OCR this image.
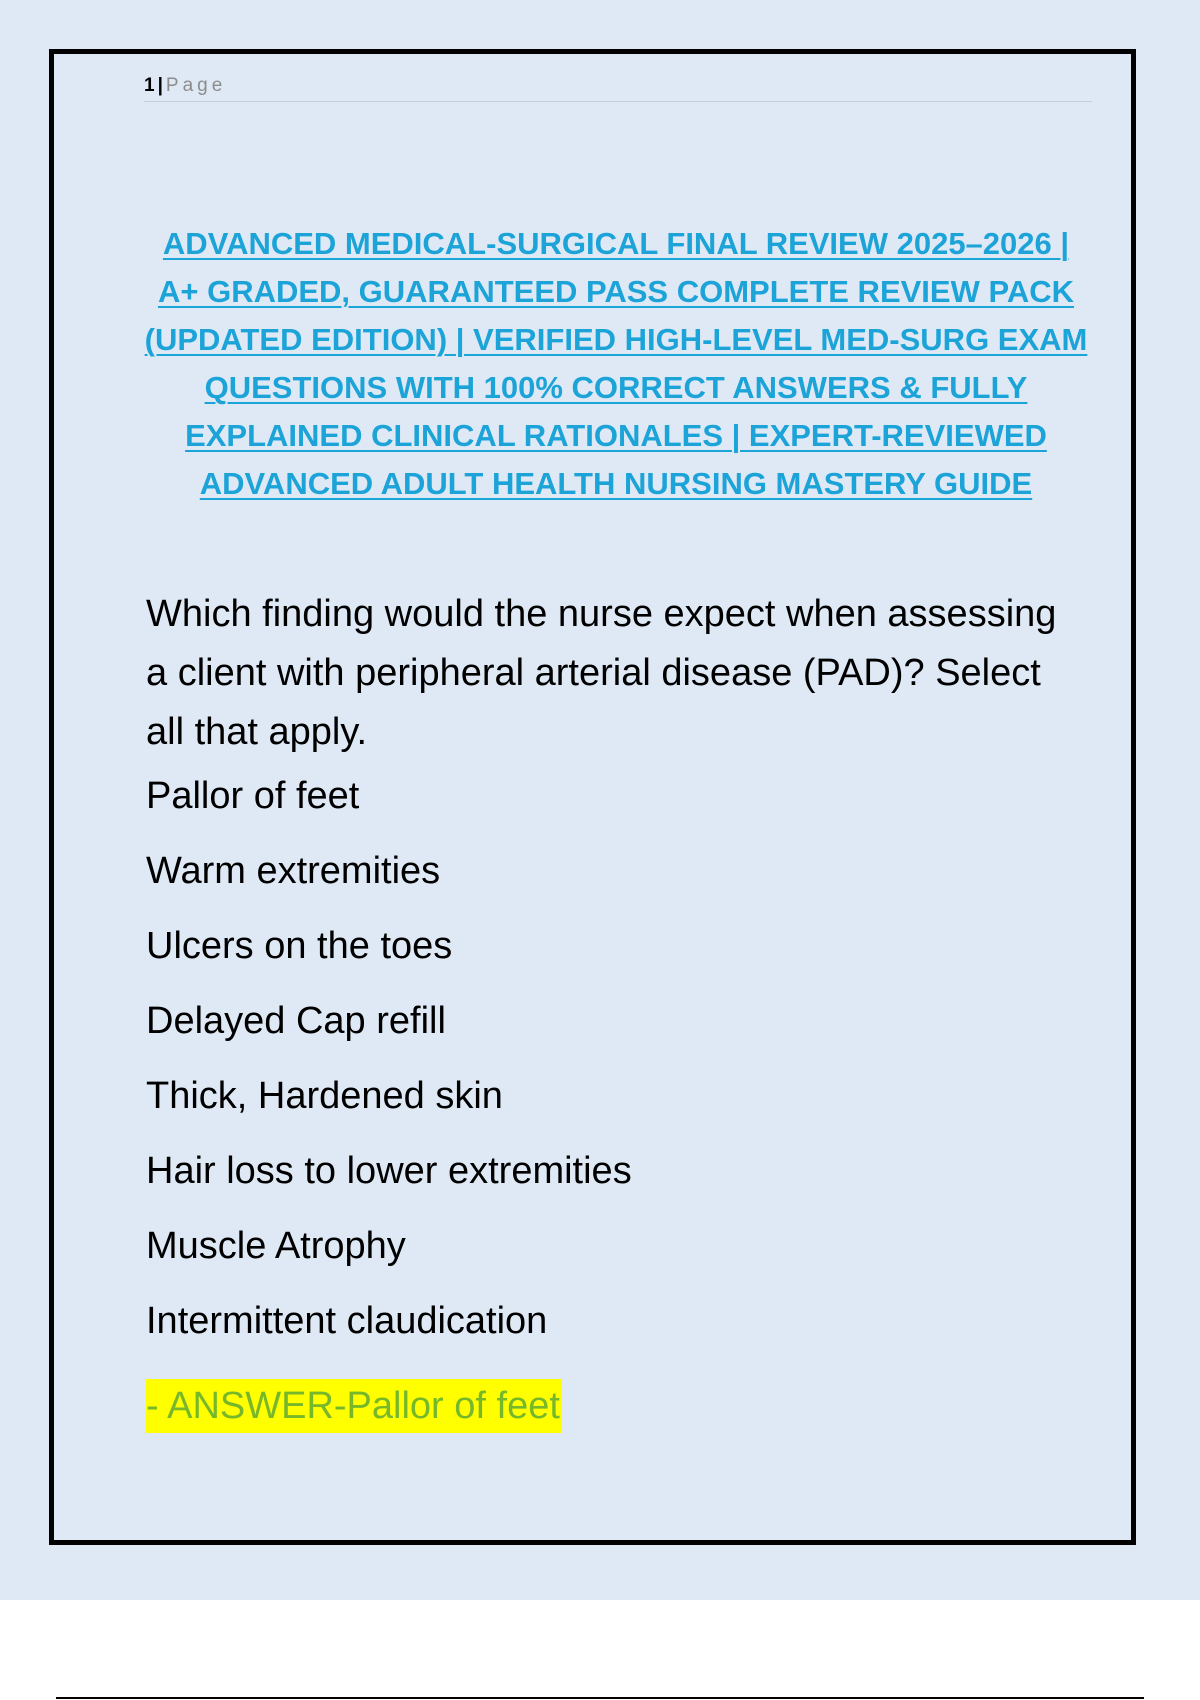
1 | Page
ADVANCED MEDICAL-SURGICAL FINAL REVIEW 2025–2026 |
A+ GRADED, GUARANTEED PASS COMPLETE REVIEW PACK
(UPDATED EDITION) | VERIFIED HIGH-LEVEL MED-SURG EXAM
QUESTIONS WITH 100% CORRECT ANSWERS & FULLY
EXPLAINED CLINICAL RATIONALES | EXPERT-REVIEWED
ADVANCED ADULT HEALTH NURSING MASTERY GUIDE

Which finding would the nurse expect when assessing a client with peripheral arterial disease (PAD)? Select all that apply.

Pallor of feet
Warm extremities
Ulcers on the toes
Delayed Cap refill
Thick, Hardened skin
Hair loss to lower extremities
Muscle Atrophy
Intermittent claudication
- ANSWER-Pallor of feet
